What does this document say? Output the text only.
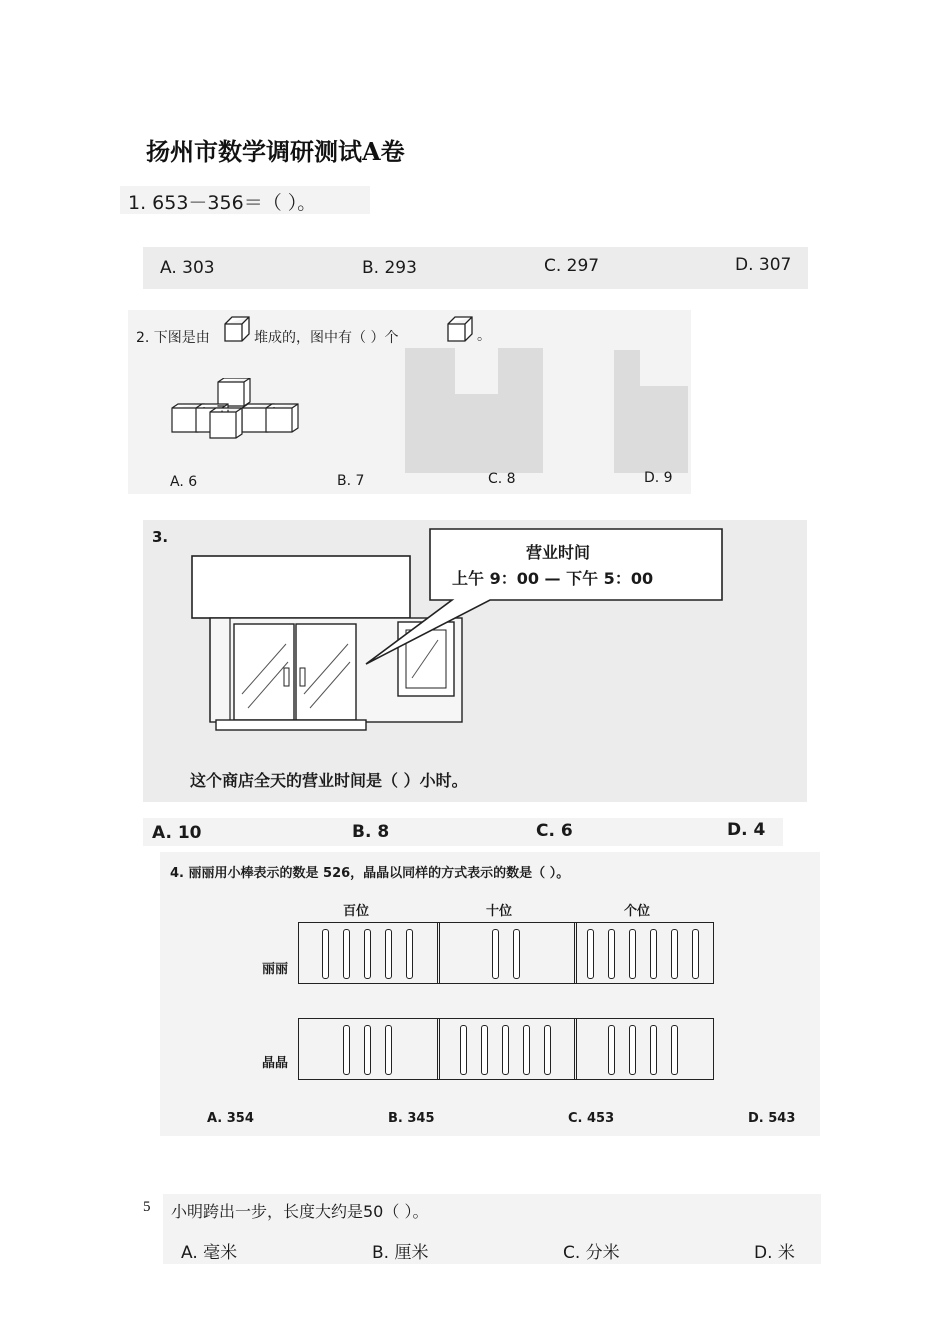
扬州市数学调研测试A卷
1. 653－356＝（ ）。
A. 303	B. 293	C. 297	D. 307
2. 下图是由	堆成的，图中有（ ）个	。
A. 6	B. 7	C. 8	D. 9
3.
营业时间
上午 9：00 — 下午 5：00
这个商店全天的营业时间是（ ）小时。
A. 10	B. 8	C. 6	D. 4
4. 丽丽用小棒表示的数是 526，晶晶以同样的方式表示的数是（ ）。
百位	十位	个位
丽丽
晶晶
A. 354	B. 345	C. 453	D. 543
5 小明跨出一步，长度大约是50（ ）。
A. 毫米	B. 厘米	C. 分米	D. 米
